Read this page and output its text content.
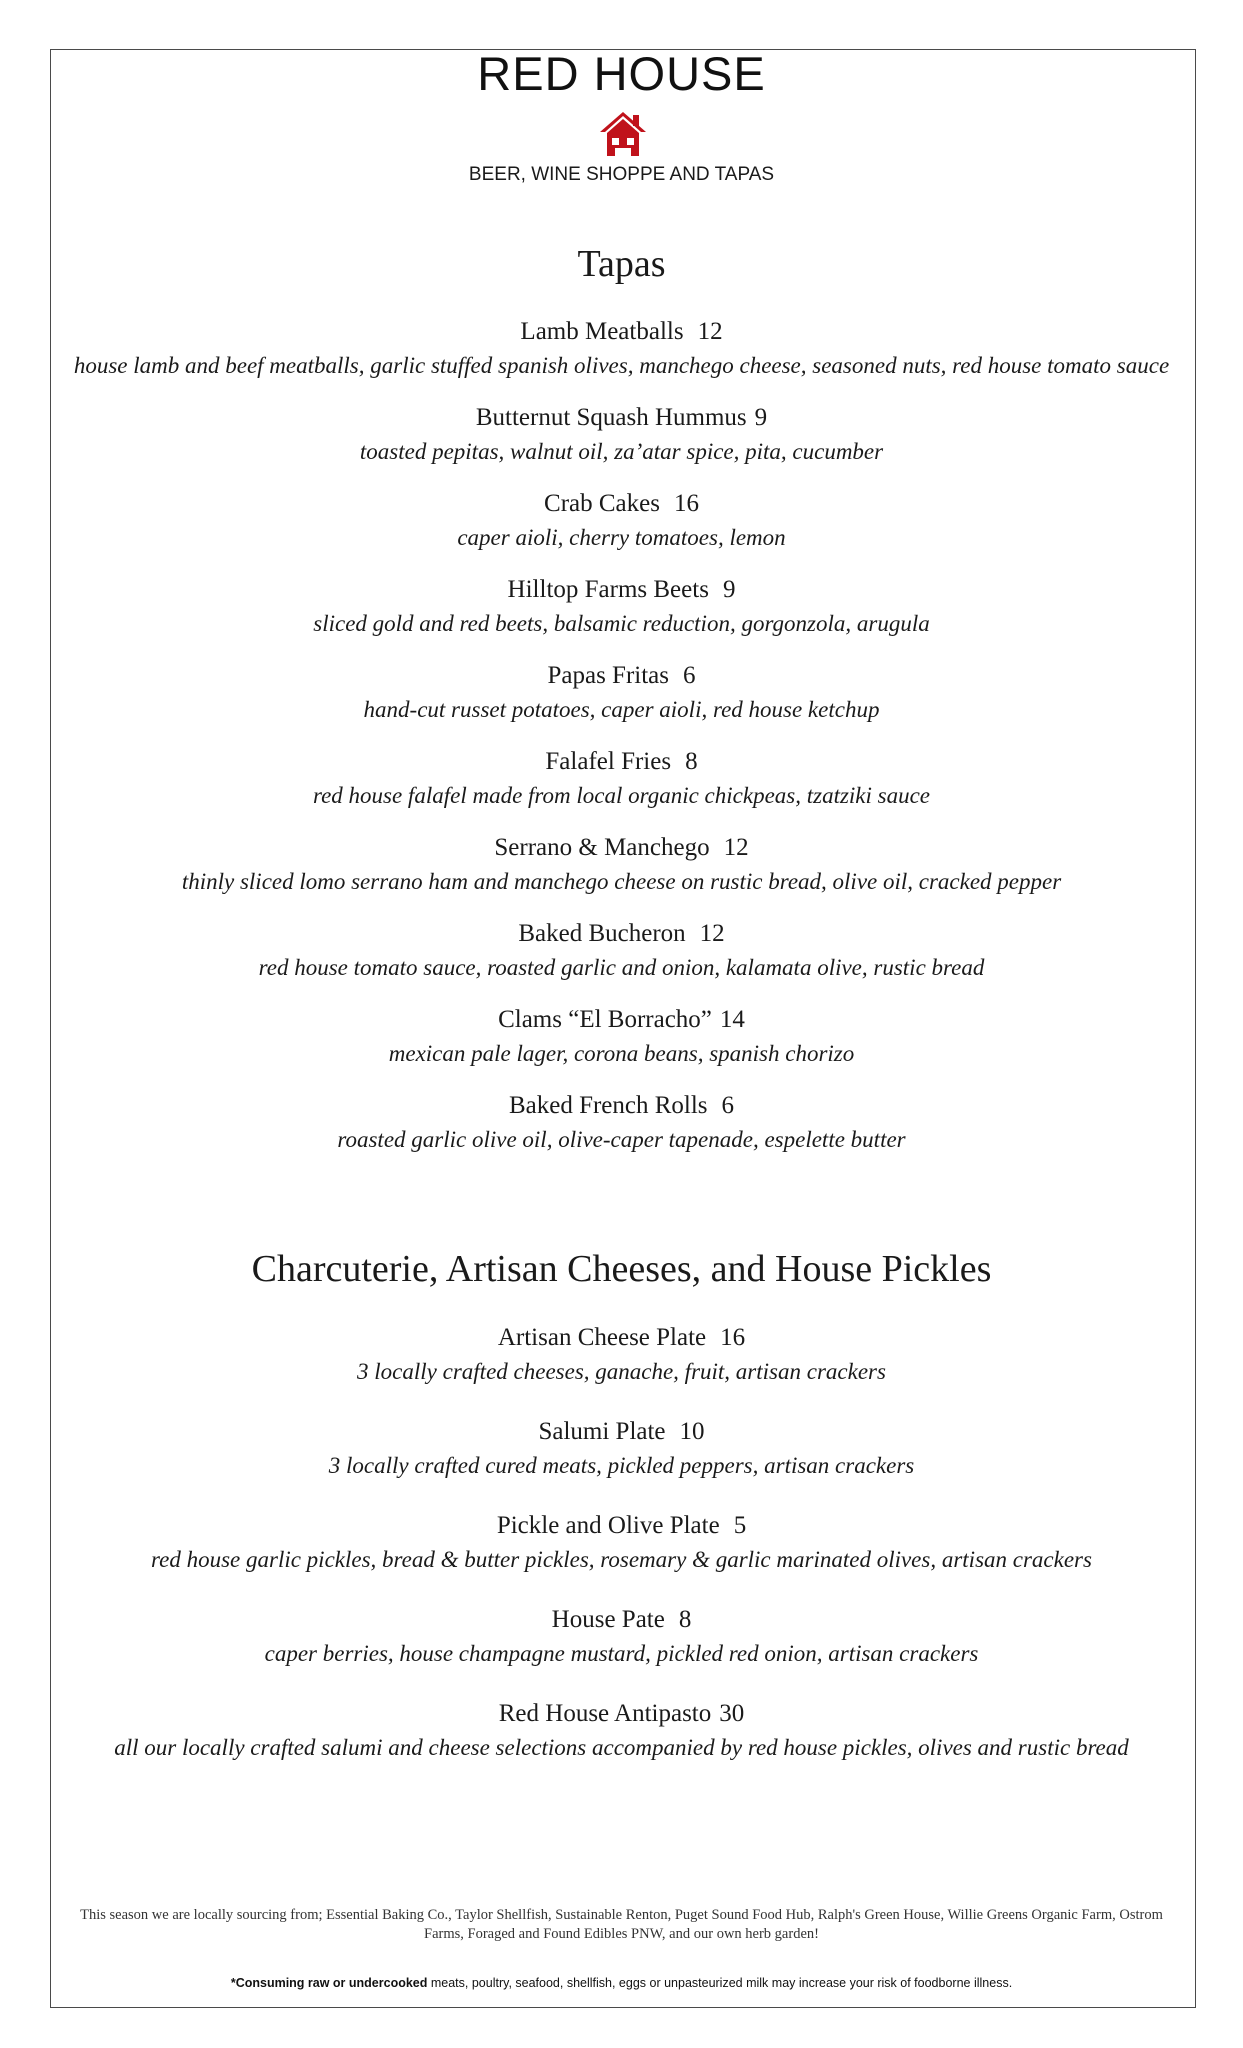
RED HOUSE
BEER, WINE SHOPPE AND TAPAS
Tapas
Lamb Meatballs 12
house lamb and beef meatballs, garlic stuffed spanish olives, manchego cheese, seasoned nuts, red house tomato sauce
Butternut Squash Hummus 9
toasted pepitas, walnut oil, za’atar spice, pita, cucumber
Crab Cakes 16
caper aioli, cherry tomatoes, lemon
Hilltop Farms Beets 9
sliced gold and red beets, balsamic reduction, gorgonzola, arugula
Papas Fritas 6
hand-cut russet potatoes, caper aioli, red house ketchup
Falafel Fries 8
red house falafel made from local organic chickpeas, tzatziki sauce
Serrano & Manchego 12
thinly sliced lomo serrano ham and manchego cheese on rustic bread, olive oil, cracked pepper
Baked Bucheron 12
red house tomato sauce, roasted garlic and onion, kalamata olive, rustic bread
Clams “El Borracho” 14
mexican pale lager, corona beans, spanish chorizo
Baked French Rolls 6
roasted garlic olive oil, olive-caper tapenade, espelette butter
Charcuterie, Artisan Cheeses, and House Pickles
Artisan Cheese Plate 16
3 locally crafted cheeses, ganache, fruit, artisan crackers
Salumi Plate 10
3 locally crafted cured meats, pickled peppers, artisan crackers
Pickle and Olive Plate 5
red house garlic pickles, bread & butter pickles, rosemary & garlic marinated olives, artisan crackers
House Pate 8
caper berries, house champagne mustard, pickled red onion, artisan crackers
Red House Antipasto 30
all our locally crafted salumi and cheese selections accompanied by red house pickles, olives and rustic bread
This season we are locally sourcing from; Essential Baking Co., Taylor Shellfish, Sustainable Renton, Puget Sound Food Hub, Ralph's Green House, Willie Greens Organic Farm, Ostrom Farms, Foraged and Found Edibles PNW, and our own herb garden!
*Consuming raw or undercooked meats, poultry, seafood, shellfish, eggs or unpasteurized milk may increase your risk of foodborne illness.
